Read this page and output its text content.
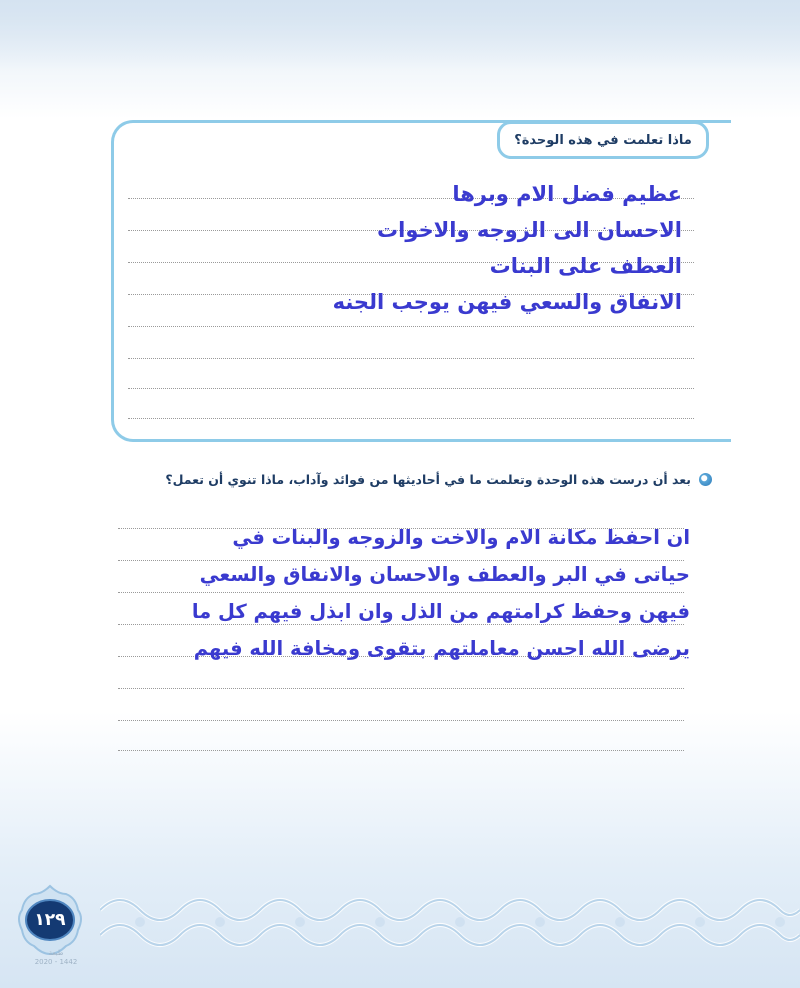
ماذا تعلمت في هذه الوحدة؟
عظيم فضل الام وبرها
الاحسان الى الزوجه والاخوات
العطف على البنات
الانفاق والسعي فيهن يوجب الجنه
بعد أن درست هذه الوحدة وتعلمت ما في أحاديثها من فوائد وآداب، ماذا تنوي أن تعمل؟
ان احفظ مكانة الام والاخت والزوجه والبنات في
حياتى في البر والعطف والاحسان والانفاق والسعي
فيهن وحفظ كرامتهم من الذل وان ابذل فيهم كل ما
يرضى الله احسن معاملتهم بتقوى ومخافة الله فيهم
١٢٩
طبعة
2020 - 1442
